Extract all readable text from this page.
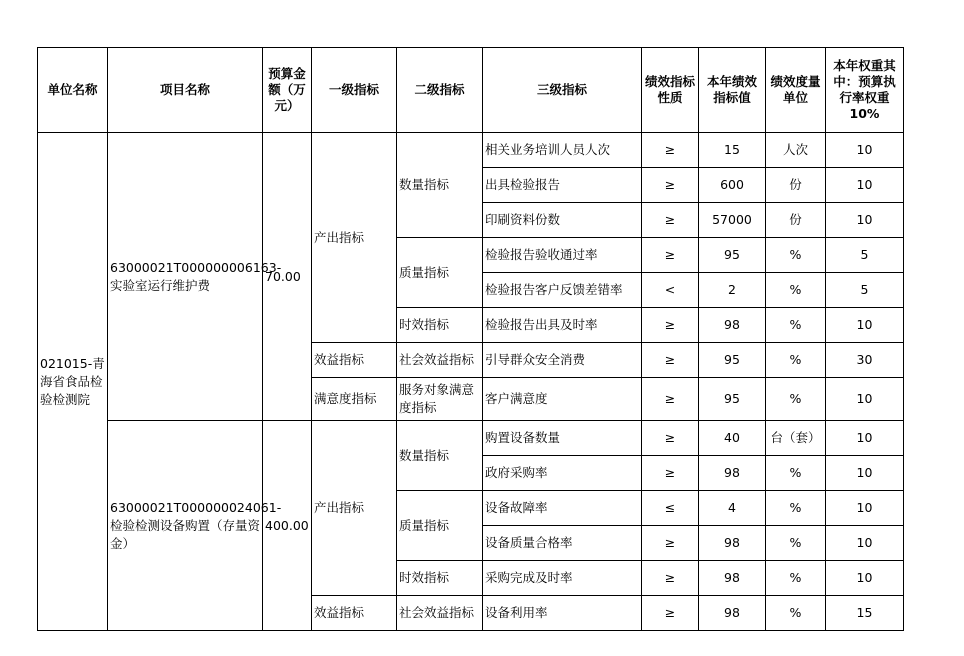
单位名称	项目名称	预算金额（万元）	一级指标	二级指标	三级指标	绩效指标性质	本年绩效指标值	绩效度量单位	本年权重其中：预算执行率权重10%
021015-青海省食品检验检测院	63000021T000000006163-实验室运行维护费	70.00	产出指标	数量指标	相关业务培训人员人次	≥	15	人次	10
					出具检验报告	≥	600	份	10
					印刷资料份数	≥	57000	份	10
				质量指标	检验报告验收通过率	≥	95	%	5
					检验报告客户反馈差错率	<	2	%	5
				时效指标	检验报告出具及时率	≥	98	%	10
			效益指标	社会效益指标	引导群众安全消费	≥	95	%	30
			满意度指标	服务对象满意度指标	客户满意度	≥	95	%	10
	63000021T000000024061-检验检测设备购置（存量资金）	400.00	产出指标	数量指标	购置设备数量	≥	40	台（套）	10
					政府采购率	≥	98	%	10
				质量指标	设备故障率	≤	4	%	10
					设备质量合格率	≥	98	%	10
				时效指标	采购完成及时率	≥	98	%	10
			效益指标	社会效益指标	设备利用率	≥	98	%	15
